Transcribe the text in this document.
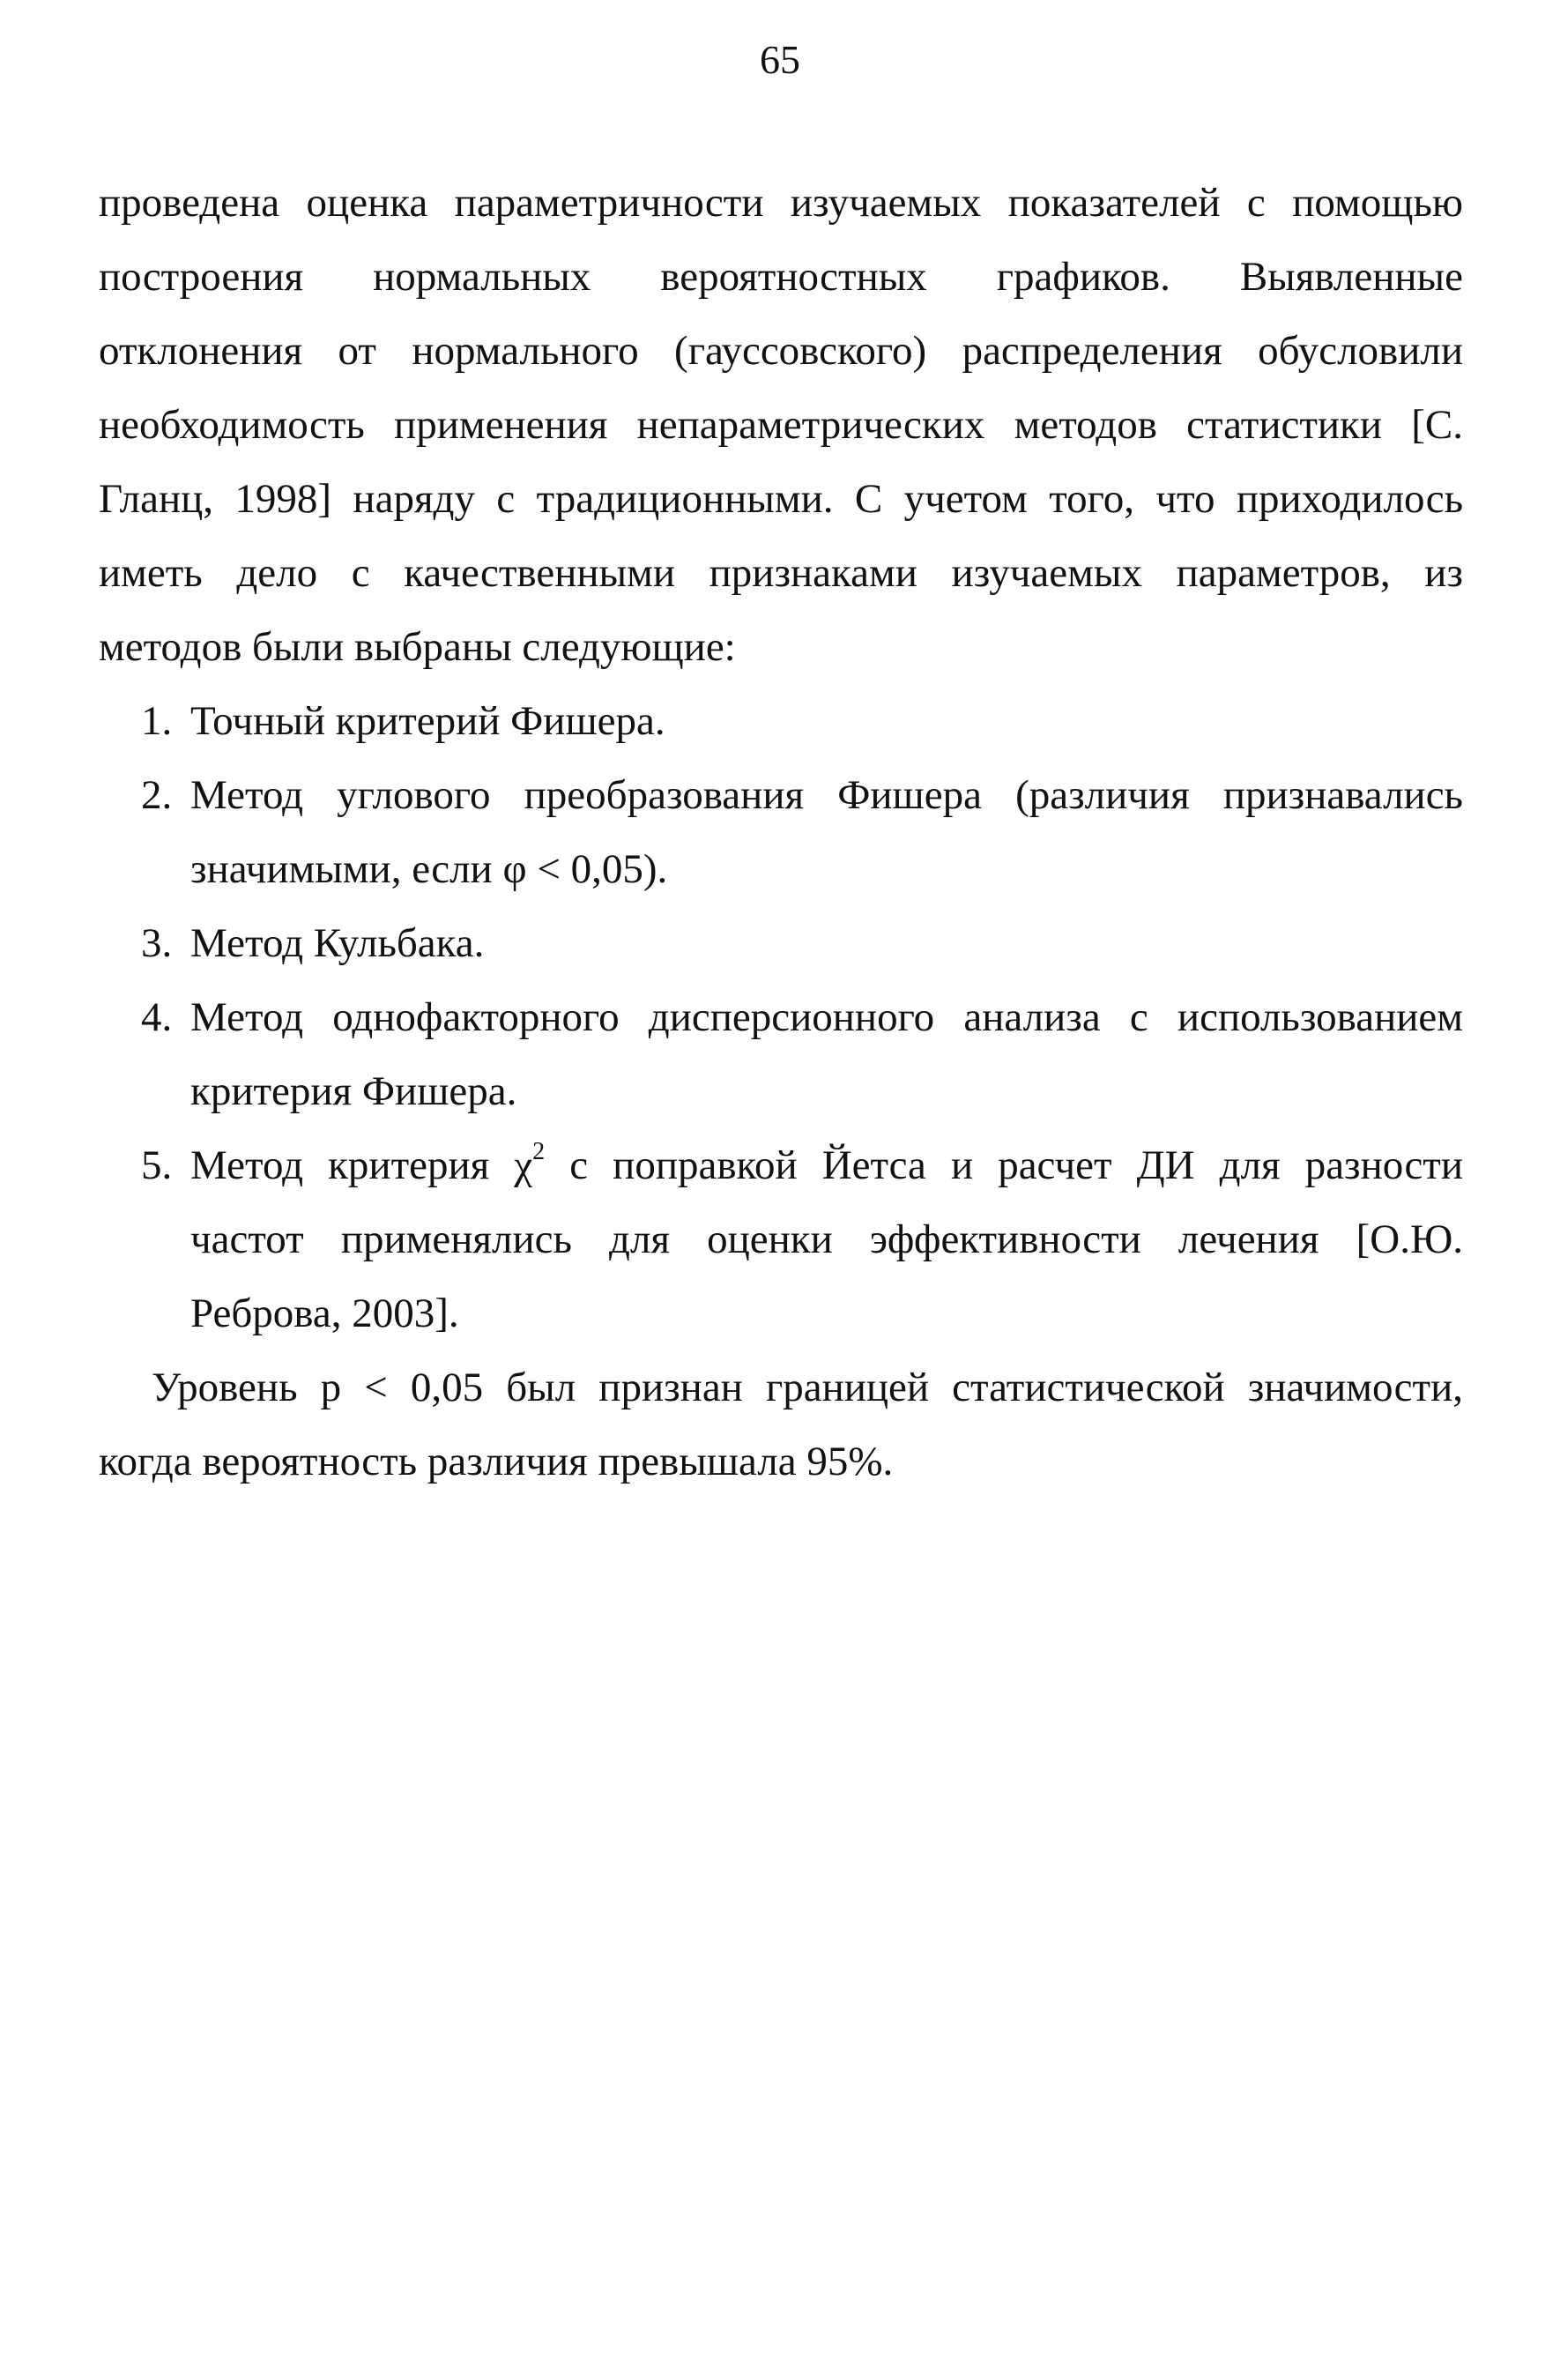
65
проведена оценка параметричности изучаемых показателей с помощью
построения нормальных вероятностных графиков. Выявленные
отклонения от нормального (гауссовского) распределения обусловили
необходимость применения непараметрических методов статистики [С.
Гланц, 1998] наряду с традиционными. С учетом того, что приходилось
иметь дело с качественными признаками изучаемых параметров, из
методов были выбраны следующие:
1. Точный критерий Фишера.
2. Метод углового преобразования Фишера (различия признавались
значимыми, если φ < 0,05).
3. Метод Кульбака.
4. Метод однофакторного дисперсионного анализа с использованием
критерия Фишера.
5. Метод критерия $\chi^2$ с поправкой Йетса и расчет ДИ для разности
частот применялись для оценки эффективности лечения [О.Ю.
Реброва, 2003].
Уровень p < 0,05 был признан границей статистической значимости,
когда вероятность различия превышала 95%.
